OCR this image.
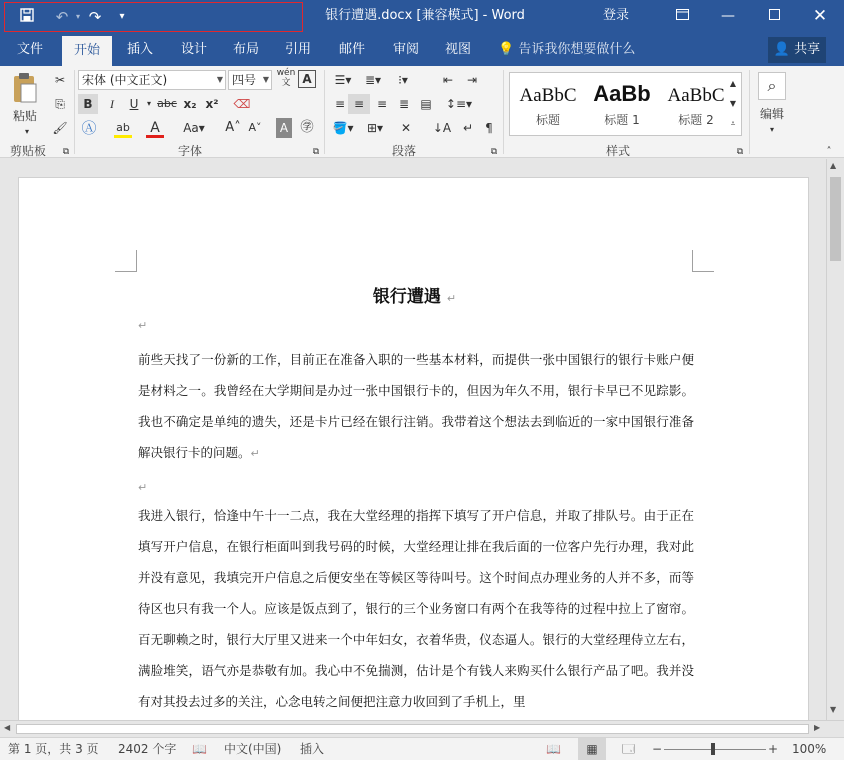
↶ ▾ ↷	▾	银行遭遇.docx [兼容模式] - Word	登录	—	✕
文件	开始	插入	设计	布局	引用	邮件	审阅	视图	💡 告诉我你想要做什么	👤 共享
粘贴
▾
✂
⎘
🖌
剪贴板	⧉
宋体 (中文正文)	▼ 四号 ▼
wén
文 A
B	I	U	▾ abc x₂ x² ⌫
Ⓐ	ab	A	Aa▾ A˄ A˅	A ㊫
字体	⧉
☰▾	≣▾	⁝▾	⇤	⇥
≡ ≡	≡ ≣ ▤	↕≡▾
🪣▾	⊞▾	✕	↓A ↵	¶
段落	⧉
AaBbC
标题
AaBb
标题 1
AaBbC
标题 2
▲
▼
⩡
样式	⧉
⌕
编辑
▾
˄
银行遭遇 ↵
↵
前些天找了一份新的工作，目前正在准备入职的一些基本材料，而提供一张中国银行的银行卡账户便是材料之一。我曾经在大学期间是办过一张中国银行卡的，但因为年久不用，银行卡早已不见踪影。我也不确定是单纯的遗失，还是卡片已经在银行注销。我带着这个想法去到临近的一家中国银行准备解决银行卡的问题。↵
↵
我进入银行，恰逢中午十一二点，我在大堂经理的指挥下填写了开户信息，并取了排队号。由于正在填写开户信息，在银行柜面叫到我号码的时候，大堂经理让排在我后面的一位客户先行办理，我对此并没有意见，我填完开户信息之后便安坐在等候区等待叫号。这个时间点办理业务的人并不多，而等待区也只有我一个人。应该是饭点到了，银行的三个业务窗口有两个在我等待的过程中拉上了窗帘。百无聊赖之时，银行大厅里又进来一个中年妇女，衣着华贵，仪态逼人。银行的大堂经理侍立左右，满脸堆笑，语气亦是恭敬有加。我心中不免揣测，估计是个有钱人来购买什么银行产品了吧。我并没有对其投去过多的关注，心念电转之间便把注意力收回到了手机上，里
▲
▼
◀	▶
第 1 页，共 3 页 2402 个字 📖 中文(中国) 插入	📖	▦	🗔 −	+ 100%
